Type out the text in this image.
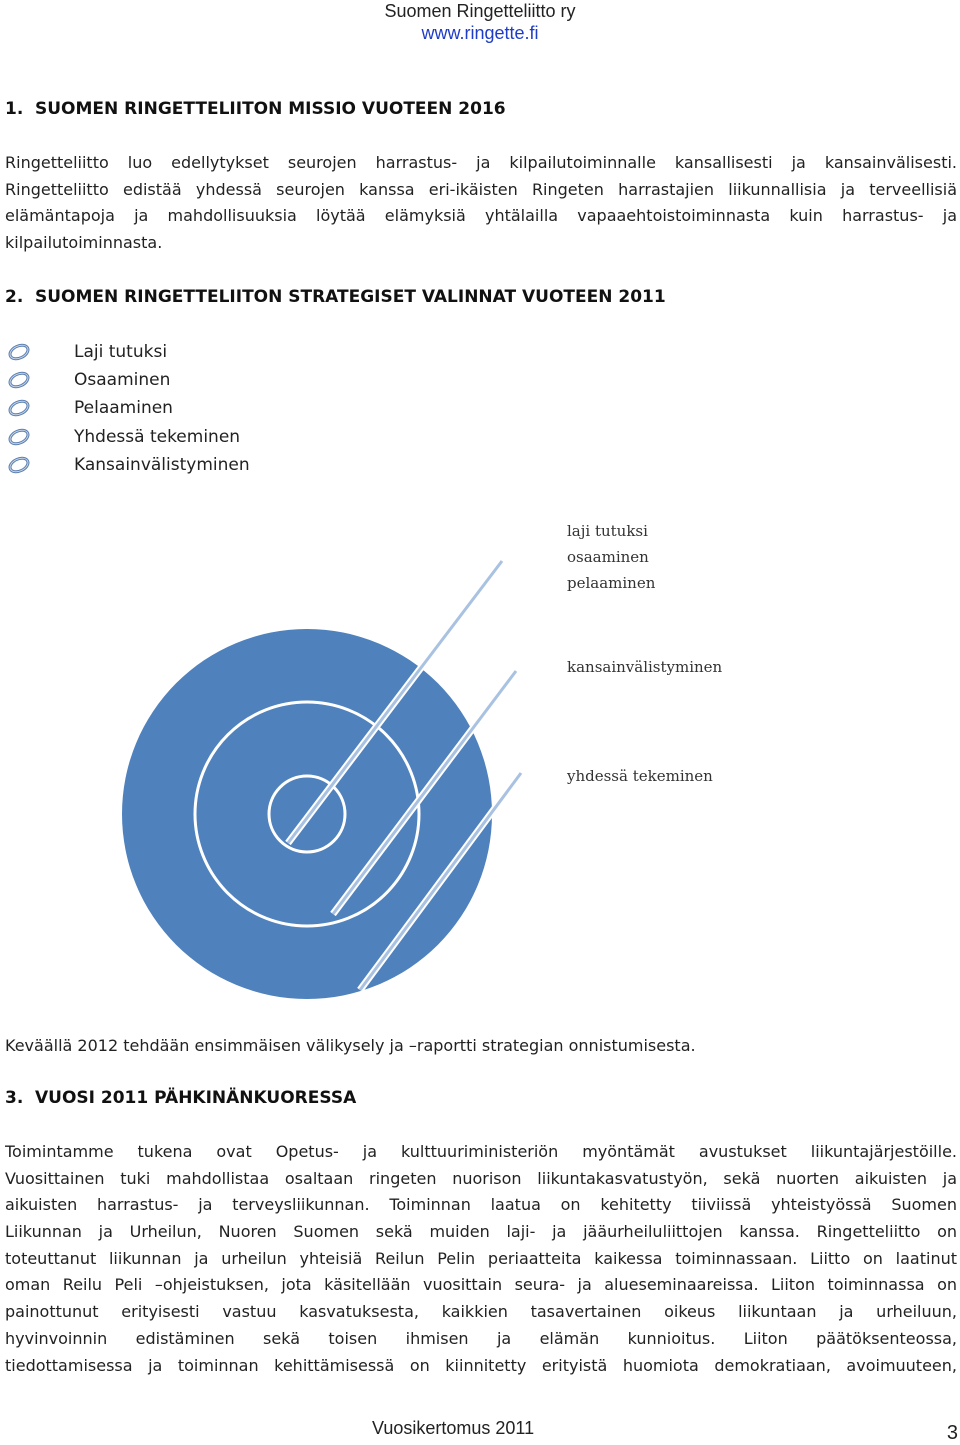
Suomen Ringetteliitto ry
www.ringette.fi
1. SUOMEN RINGETTELIITON MISSIO VUOTEEN 2016
Ringetteliitto luo edellytykset seurojen harrastus- ja kilpailutoiminnalle kansallisesti ja kansainvälisesti.
Ringetteliitto edistää yhdessä seurojen kanssa eri-ikäisten Ringeten harrastajien liikunnallisia ja terveellisiä
elämäntapoja ja mahdollisuuksia löytää elämyksiä yhtälailla vapaaehtoistoiminnasta kuin harrastus- ja
kilpailutoiminnasta.
2. SUOMEN RINGETTELIITON STRATEGISET VALINNAT VUOTEEN 2011
Laji tutuksi
Osaaminen
Pelaaminen
Yhdessä tekeminen
Kansainvälistyminen
laji tutuksi
osaaminen
pelaaminen
kansainvälistyminen
yhdessä tekeminen
Keväällä 2012 tehdään ensimmäisen välikysely ja –raportti strategian onnistumisesta.
3. VUOSI 2011 PÄHKINÄNKUORESSA
Toimintamme tukena ovat Opetus- ja kulttuuriministeriön myöntämät avustukset liikuntajärjestöille.
Vuosittainen tuki mahdollistaa osaltaan ringeten nuorison liikuntakasvatustyön, sekä nuorten aikuisten ja
aikuisten harrastus- ja terveysliikunnan. Toiminnan laatua on kehitetty tiiviissä yhteistyössä Suomen
Liikunnan ja Urheilun, Nuoren Suomen sekä muiden laji- ja jääurheiluliittojen kanssa. Ringetteliitto on
toteuttanut liikunnan ja urheilun yhteisiä Reilun Pelin periaatteita kaikessa toiminnassaan. Liitto on laatinut
oman Reilu Peli –ohjeistuksen, jota käsitellään vuosittain seura- ja alueseminaareissa. Liiton toiminnassa on
painottunut erityisesti vastuu kasvatuksesta, kaikkien tasavertainen oikeus liikuntaan ja urheiluun,
hyvinvoinnin edistäminen sekä toisen ihmisen ja elämän kunnioitus. Liiton päätöksenteossa,
tiedottamisessa ja toiminnan kehittämisessä on kiinnitetty erityistä huomiota demokratiaan, avoimuuteen,
Vuosikertomus 2011	3
